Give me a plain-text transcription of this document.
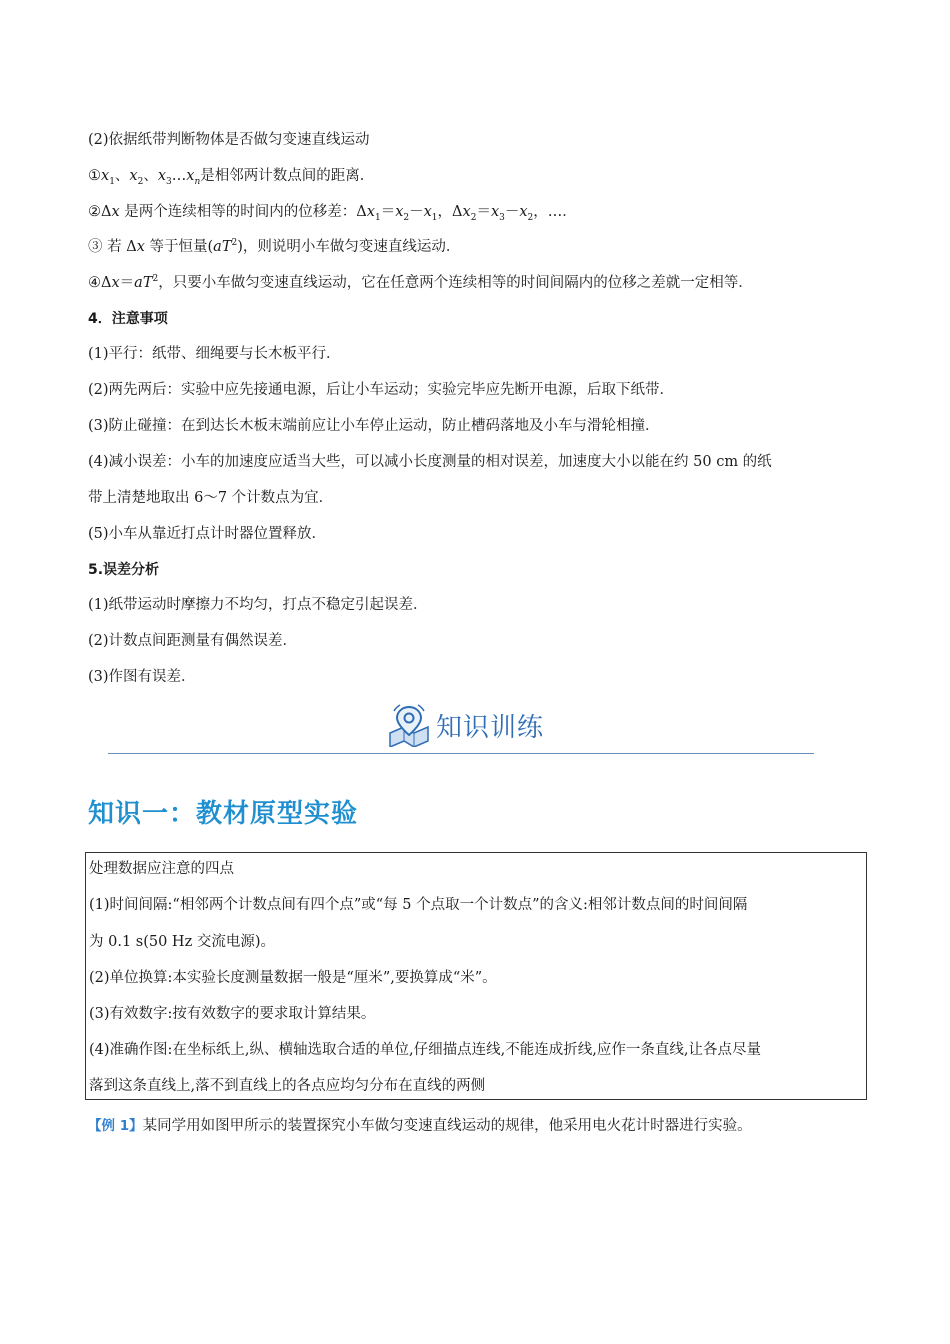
(2)依据纸带判断物体是否做匀变速直线运动
$①x_1$、$x_2$、$x_3\dots x_n$是相邻两计数点间的距离．
②Δx 是两个连续相等的时间内的位移差：$\Delta x_1=x_2-x_1$，$\Delta x_2=x_3-x_2$，…．
③ 若 Δx 等于恒量$(aT^2)$，则说明小车做匀变速直线运动．
$④\Delta x=aT^2$，只要小车做匀变速直线运动，它在任意两个连续相等的时间间隔内的位移之差就一定相等．
4．注意事项
(1)平行：纸带、细绳要与长木板平行．
(2)两先两后：实验中应先接通电源，后让小车运动；实验完毕应先断开电源，后取下纸带．
(3)防止碰撞：在到达长木板末端前应让小车停止运动，防止槽码落地及小车与滑轮相撞．
(4)减小误差：小车的加速度应适当大些，可以减小长度测量的相对误差，加速度大小以能在约 50 cm 的纸
带上清楚地取出 6～7 个计数点为宜．
(5)小车从靠近打点计时器位置释放．
5.误差分析
(1)纸带运动时摩擦力不均匀，打点不稳定引起误差．
(2)计数点间距测量有偶然误差．
(3)作图有误差．
知识训练
知识一：教材原型实验
处理数据应注意的四点
(1)时间间隔:“相邻两个计数点间有四个点”或“每 5 个点取一个计数点”的含义:相邻计数点间的时间间隔
为 0.1 s(50 Hz 交流电源)。
(2)单位换算:本实验长度测量数据一般是“厘米”,要换算成“米”。
(3)有效数字:按有效数字的要求取计算结果。
(4)准确作图:在坐标纸上,纵、横轴选取合适的单位,仔细描点连线,不能连成折线,应作一条直线,让各点尽量
落到这条直线上,落不到直线上的各点应均匀分布在直线的两侧
【例 1】某同学用如图甲所示的装置探究小车做匀变速直线运动的规律，他采用电火花计时器进行实验。
